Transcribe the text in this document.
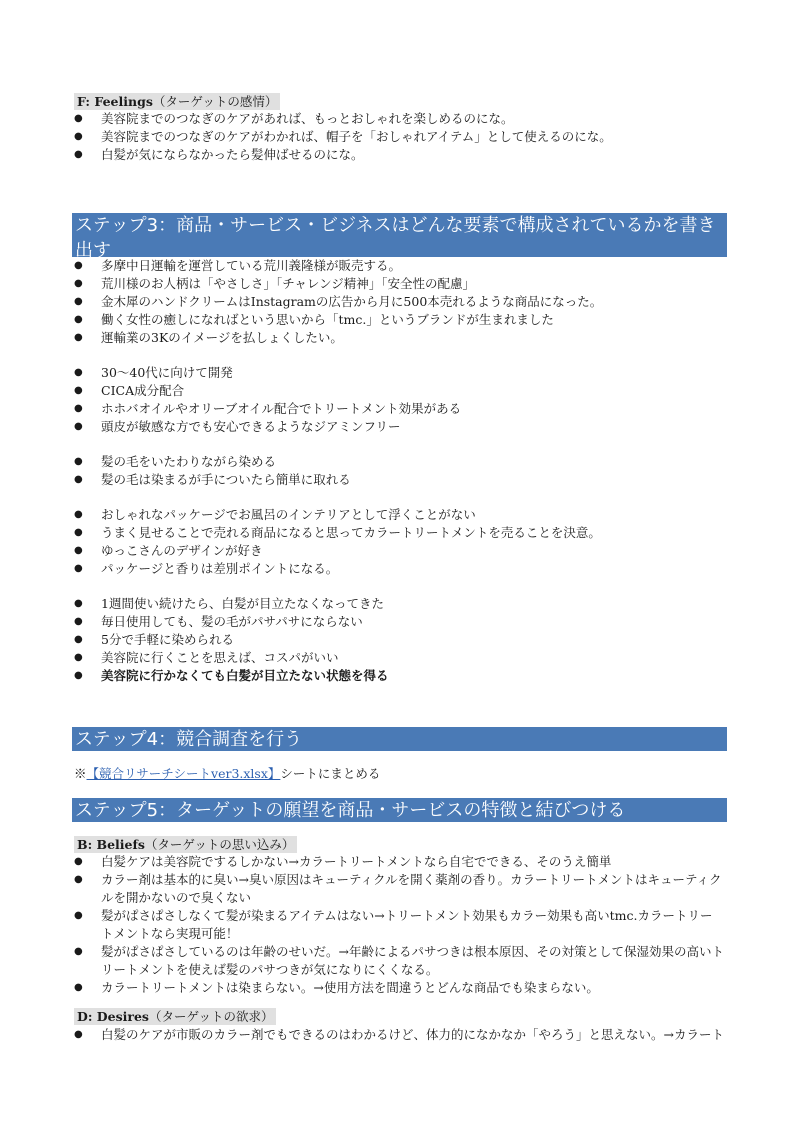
F: Feelings（ターゲットの感情）
● 美容院までのつなぎのケアがあれば、もっとおしゃれを楽しめるのにな。
● 美容院までのつなぎのケアがわかれば、帽子を「おしゃれアイテム」として使えるのにな。
● 白髪が気にならなかったら髪伸ばせるのにな。
ステップ3：商品・サービス・ビジネスはどんな要素で構成されているかを書き出す
● 多摩中日運輸を運営している荒川義隆様が販売する。
● 荒川様のお人柄は「やさしさ」「チャレンジ精神」「安全性の配慮」
● 金木犀のハンドクリームはInstagramの広告から月に500本売れるような商品になった。
● 働く女性の癒しになればという思いから「tmc.」というブランドが生まれました
● 運輸業の3Kのイメージを払しょくしたい。
● 30〜40代に向けて開発
● CICA成分配合
● ホホバオイルやオリーブオイル配合でトリートメント効果がある
● 頭皮が敏感な方でも安心できるようなジアミンフリー
● 髪の毛をいたわりながら染める
● 髪の毛は染まるが手についたら簡単に取れる
● おしゃれなパッケージでお風呂のインテリアとして浮くことがない
● うまく見せることで売れる商品になると思ってカラートリートメントを売ることを決意。
● ゆっこさんのデザインが好き
● パッケージと香りは差別ポイントになる。
● 1週間使い続けたら、白髪が目立たなくなってきた
● 毎日使用しても、髪の毛がパサパサにならない
● 5分で手軽に染められる
● 美容院に行くことを思えば、コスパがいい
● 美容院に行かなくても白髪が目立たない状態を得る
ステップ4：競合調査を行う
※【競合リサーチシートver3.xlsx】シートにまとめる
ステップ5：ターゲットの願望を商品・サービスの特徴と結びつける
B: Beliefs（ターゲットの思い込み）
● 白髪ケアは美容院でするしかない→カラートリートメントなら自宅でできる、そのうえ簡単
● カラー剤は基本的に臭い→臭い原因はキューティクルを開く薬剤の香り。カラートリートメントはキューティクルを開かないので臭くない
● 髪がぱさぱさしなくて髪が染まるアイテムはない→トリートメント効果もカラー効果も高いtmc.カラートリートメントなら実現可能！
● 髪がぱさぱさしているのは年齢のせいだ。→年齢によるパサつきは根本原因、その対策として保湿効果の高いトリートメントを使えば髪のパサつきが気になりにくくなる。
● カラートリートメントは染まらない。→使用方法を間違うとどんな商品でも染まらない。
D: Desires（ターゲットの欲求）
● 白髪のケアが市販のカラー剤でもできるのはわかるけど、体力的になかなか「やろう」と思えない。→カラート
